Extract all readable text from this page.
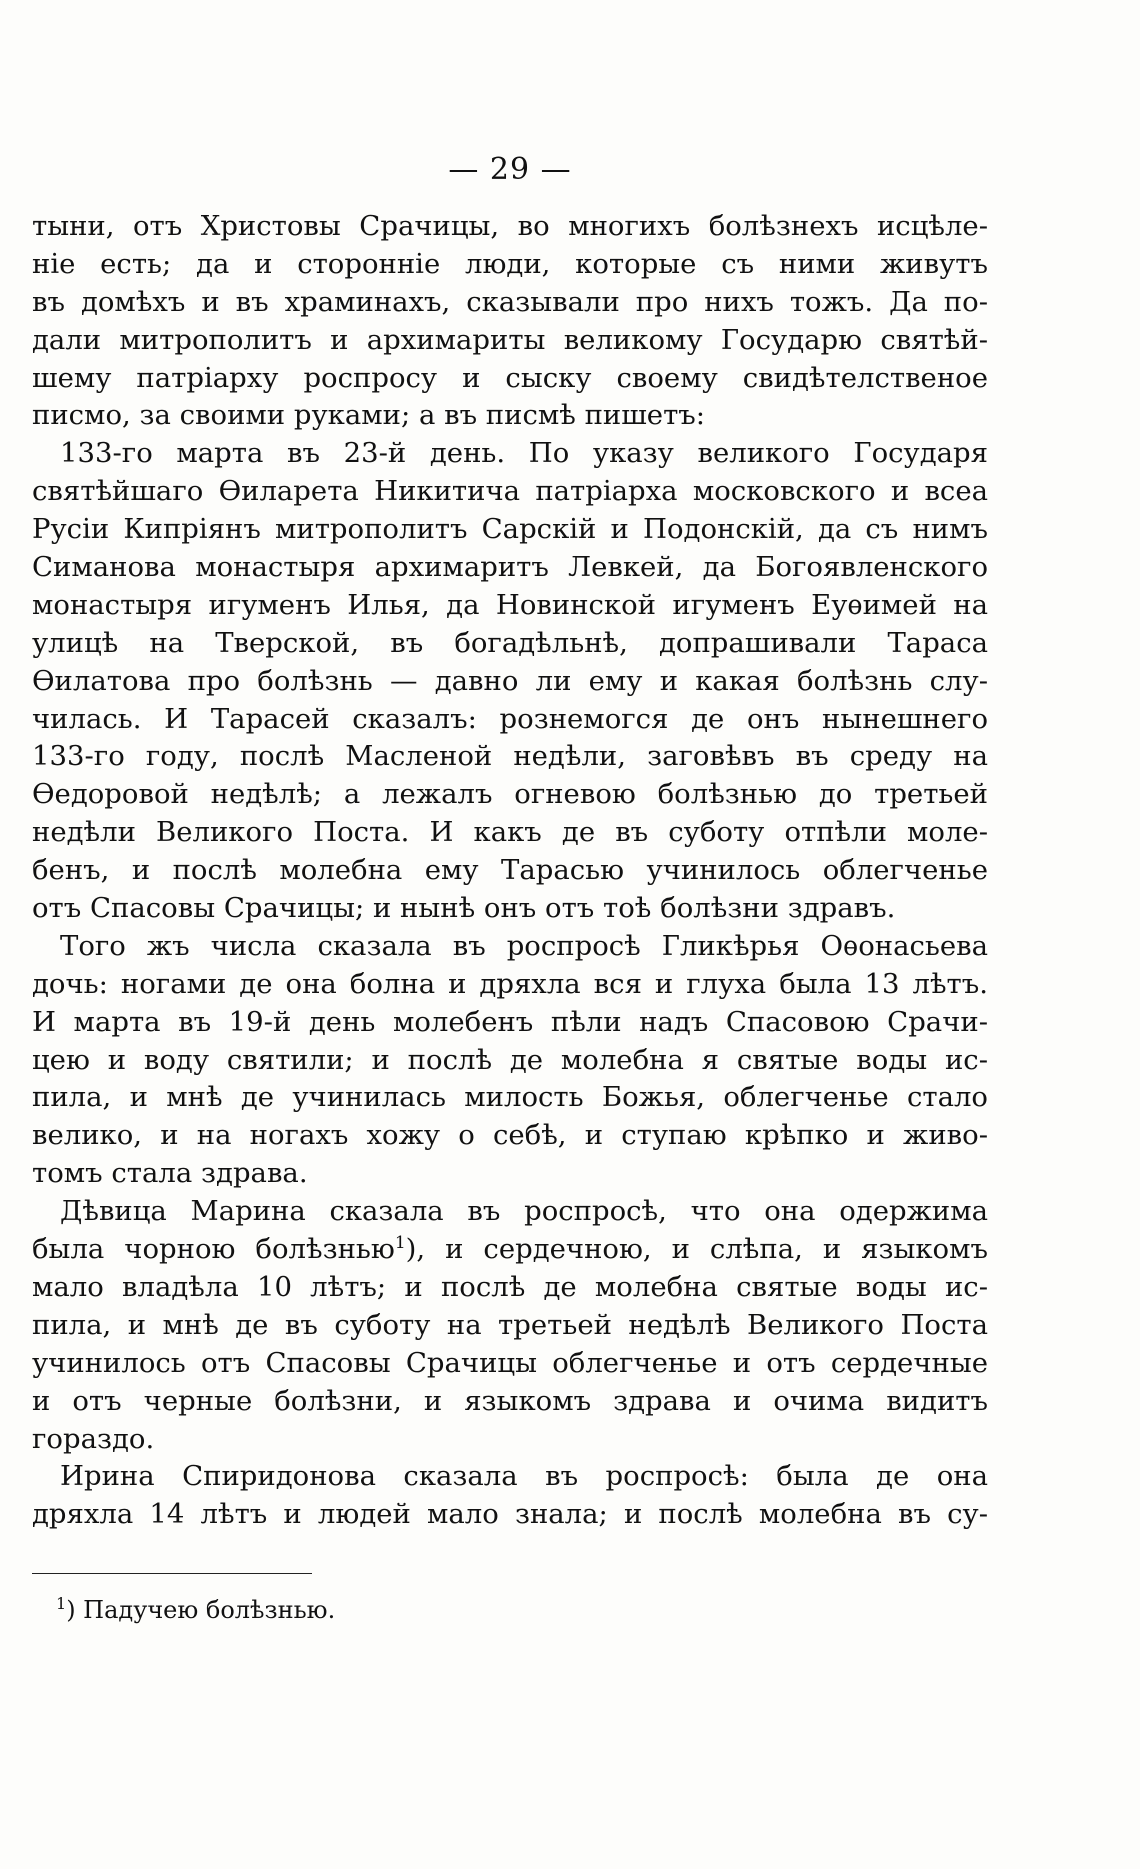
— 29 —
тыни, отъ Христовы Срачицы, во многихъ болѣзнехъ исцѣле-
ніе есть; да и сторонніе люди, которые съ ними живутъ
въ домѣхъ и въ храминахъ, сказывали про нихъ тожъ. Да по-
дали митрополитъ и архимариты великому Государю святѣй-
шему патріарху роспросу и сыску своему свидѣтелственое
писмо, за своими руками; а въ писмѣ пишетъ:
133-го марта въ 23-й день. По указу великого Государя
святѣйшаго Ѳиларета Никитича патріарха московского и всеа
Русіи Кипріянъ митрополитъ Сарскій и Подонскій, да съ нимъ
Симанова монастыря архимаритъ Левкей, да Богоявленского
монастыря игуменъ Илья, да Новинской игуменъ Еуѳимей на
улицѣ на Тверской, въ богадѣльнѣ, допрашивали Тараса
Ѳилатова про болѣзнь — давно ли ему и какая болѣзнь слу-
чилась. И Тарасей сказалъ: рознемогся де онъ нынешнего
133-го году, послѣ Масленой недѣли, заговѣвъ въ среду на
Ѳедоровой недѣлѣ; а лежалъ огневою болѣзнью до третьей
недѣли Великого Поста. И какъ де въ суботу отпѣли моле-
бенъ, и послѣ молебна ему Тарасью учинилось облегченье
отъ Спасовы Срачицы; и нынѣ онъ отъ тоѣ болѣзни здравъ.
Того жъ числа сказала въ роспросѣ Гликѣрья Оѳонасьева
дочь: ногами де она болна и дряхла вся и глуха была 13 лѣтъ.
И марта въ 19-й день молебенъ пѣли надъ Спасовою Срачи-
цею и воду святили; и послѣ де молебна я святые воды ис-
пила, и мнѣ де учинилась милость Божья, облегченье стало
велико, и на ногахъ хожу о себѣ, и ступаю крѣпко и живо-
томъ стала здрава.
Дѣвица Марина сказала въ роспросѣ, что она одержима
была чорною болѣзнью$^1$), и сердечною, и слѣпа, и языкомъ
мало владѣла 10 лѣтъ; и послѣ де молебна святые воды ис-
пила, и мнѣ де въ суботу на третьей недѣлѣ Великого Поста
учинилось отъ Спасовы Срачицы облегченье и отъ сердечные
и отъ черные болѣзни, и языкомъ здрава и очима видитъ
гораздо.
Ирина Спиридонова сказала въ роспросѣ: была де она
дряхла 14 лѣтъ и людей мало знала; и послѣ молебна въ су-
$^1$) Падучею болѣзнью.
